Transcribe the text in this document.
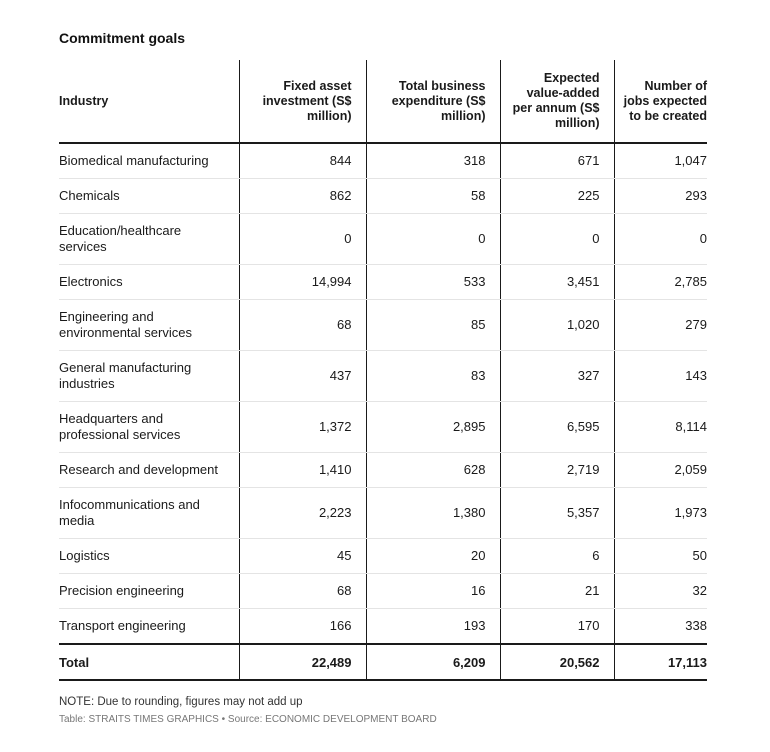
Commitment goals
Industry	Fixed asset investment (S$ million)	Total business expenditure (S$ million)	Expected value-added per annum (S$ million)	Number of jobs expected to be created
Biomedical manufacturing	844	318	671	1,047
Chemicals	862	58	225	293
Education/healthcare services	0	0	0	0
Electronics	14,994	533	3,451	2,785
Engineering and environmental services	68	85	1,020	279
General manufacturing industries	437	83	327	143
Headquarters and professional services	1,372	2,895	6,595	8,114
Research and development	1,410	628	2,719	2,059
Infocommunications and media	2,223	1,380	5,357	1,973
Logistics	45	20	6	50
Precision engineering	68	16	21	32
Transport engineering	166	193	170	338
Total	22,489	6,209	20,562	17,113
NOTE: Due to rounding, figures may not add up
Table: STRAITS TIMES GRAPHICS • Source: ECONOMIC DEVELOPMENT BOARD
